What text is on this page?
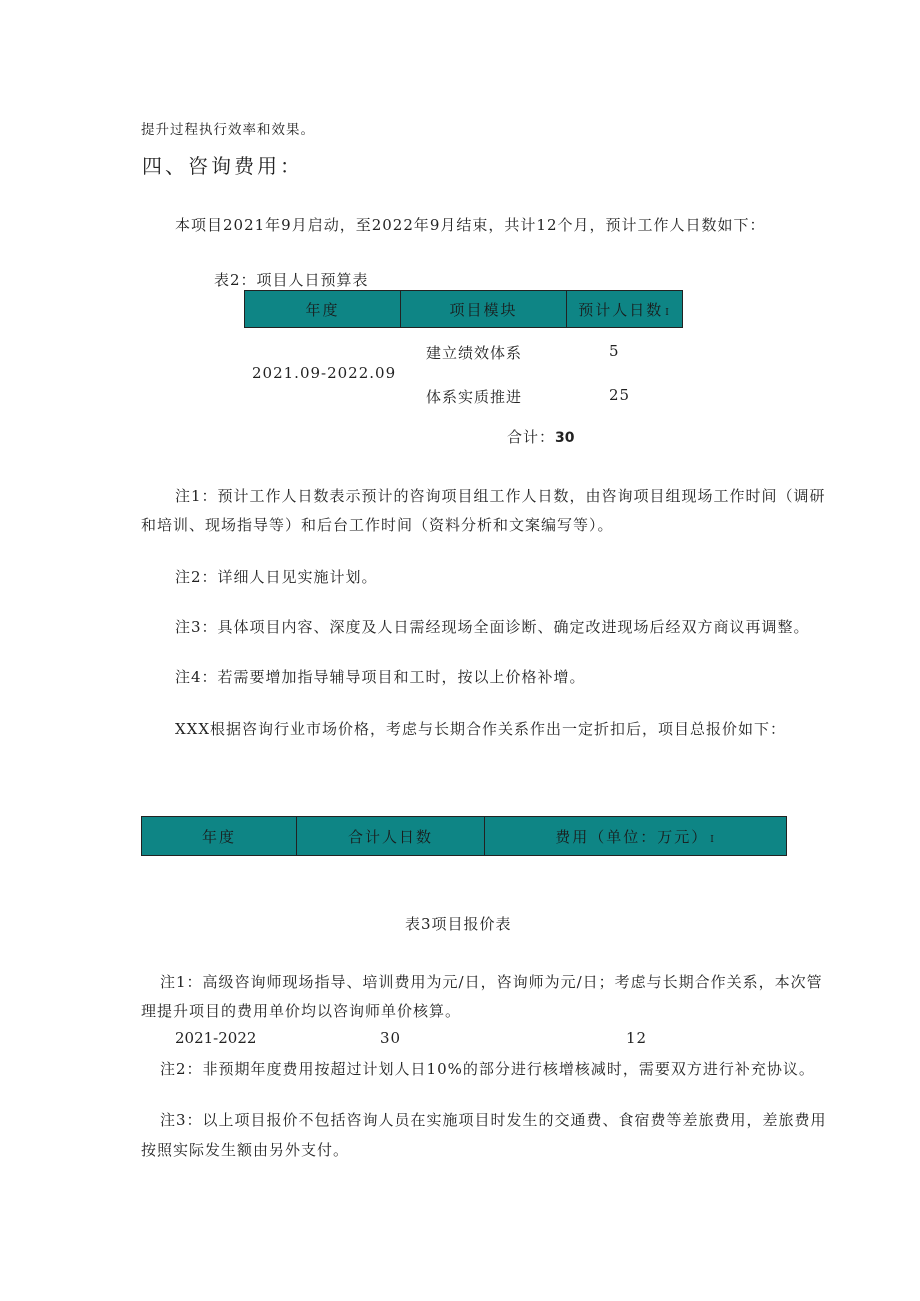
提升过程执行效率和效果。
四、咨询费用：
本项目2021年9月启动，至2022年9月结束，共计12个月，预计工作人日数如下：
表2：项目人日预算表
年度	项目模块	预计人日数 I
2021.09-2022.09
建立绩效体系	5
体系实质推进	25
合计：30
注1：预计工作人日数表示预计的咨询项目组工作人日数，由咨询项目组现场工作时间（调研
和培训、现场指导等）和后台工作时间（资料分析和文案编写等）。
注2：详细人日见实施计划。
注3：具体项目内容、深度及人日需经现场全面诊断、确定改进现场后经双方商议再调整。
注4：若需要增加指导辅导项目和工时，按以上价格补增。
XXX根据咨询行业市场价格，考虑与长期合作关系作出一定折扣后，项目总报价如下：
年度	合计人日数	费用（单位：万元） I
表3项目报价表
注1：高级咨询师现场指导、培训费用为元/日，咨询师为元/日；考虑与长期合作关系，本次管
理提升项目的费用单价均以咨询师单价核算。
2021-2022	30	12
注2：非预期年度费用按超过计划人日10%的部分进行核增核减时，需要双方进行补充协议。
注3：以上项目报价不包括咨询人员在实施项目时发生的交通费、食宿费等差旅费用，差旅费用
按照实际发生额由另外支付。
